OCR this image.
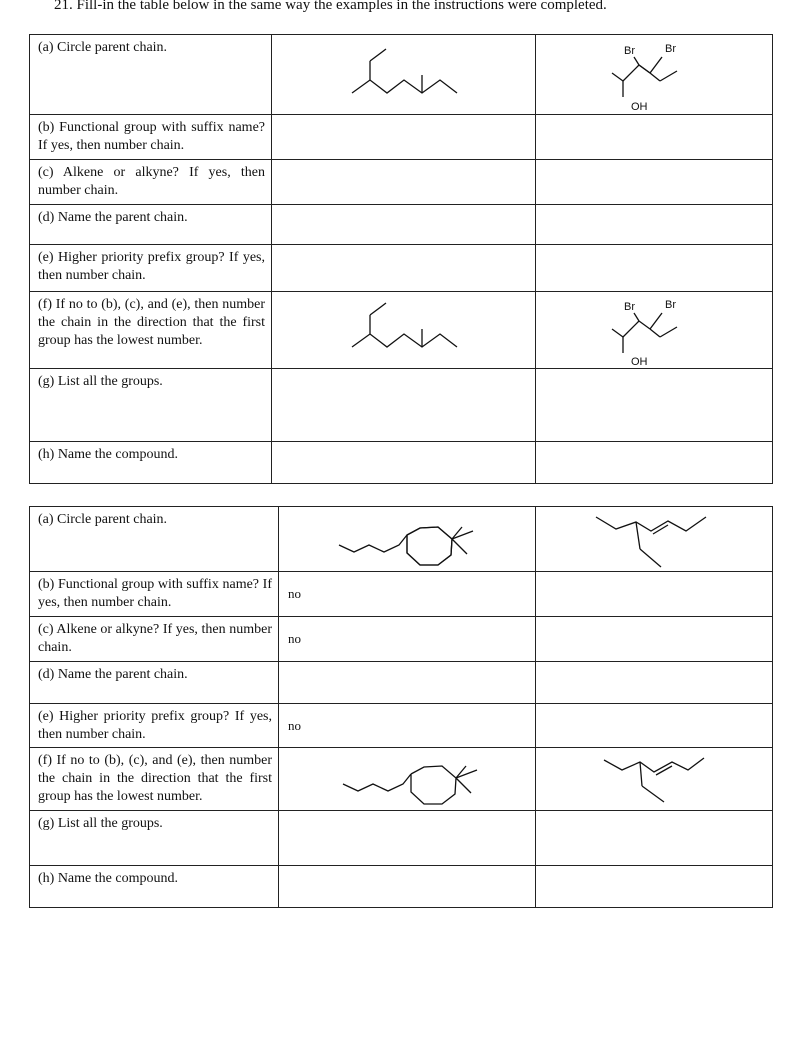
21. Fill-in the table below in the same way the examples in the instructions were completed.
(a) Circle parent chain.		Br Br
OH

(b) Functional group with suffix name? If yes, then number chain.		
(c) Alkene or alkyne? If yes, then number chain.		
(d) Name the parent chain.		
(e) Higher priority prefix group? If yes, then number chain.		
(f) If no to (b), (c), and (e), then number the chain in the direction that the first group has the lowest number.		Br Br
OH

(g) List all the groups.		
(h) Name the compound.		
(a) Circle parent chain.	

(b) Functional group with suffix name? If yes, then number chain.	no	
(c) Alkene or alkyne? If yes, then number chain.	no	
(d) Name the parent chain.		
(e) Higher priority prefix group? If yes, then number chain.	no	
(f) If no to (b), (c), and (e), then number the chain in the direction that the first group has the lowest number.	

(g) List all the groups.		
(h) Name the compound.		
